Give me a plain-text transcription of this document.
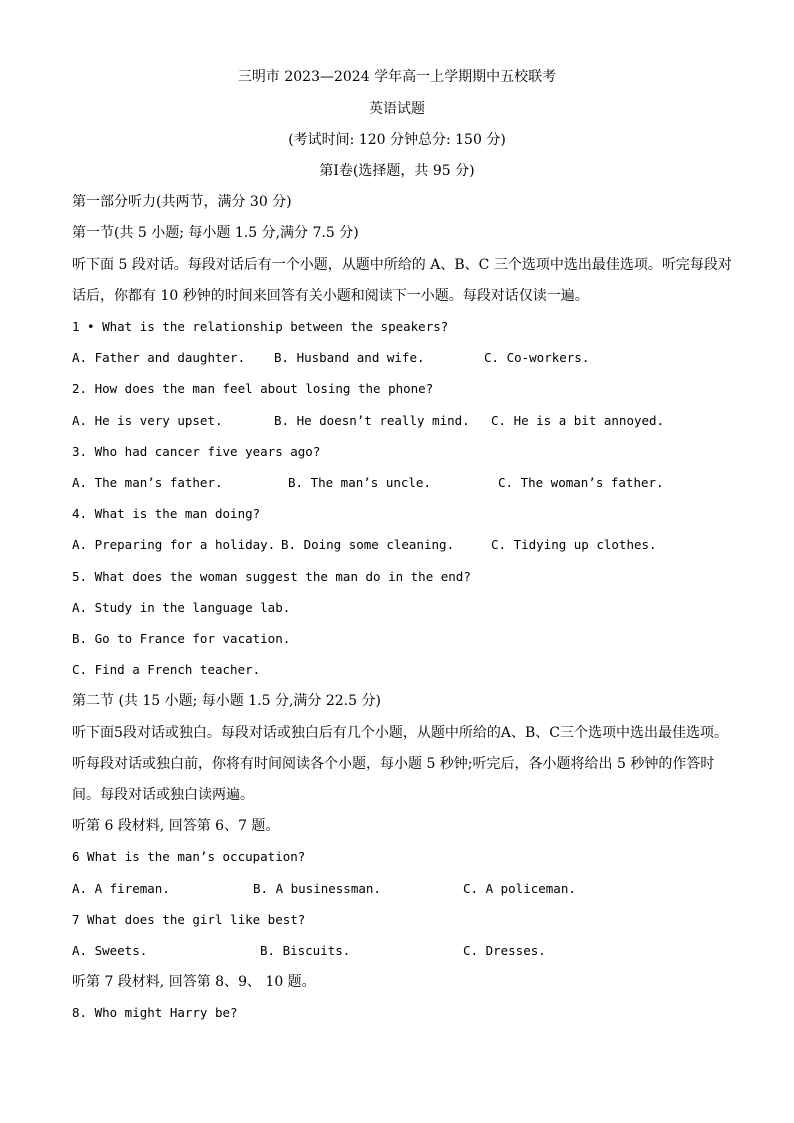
三明市 2023—2024 学年高一上学期期中五校联考
英语试题
(考试时间: 120 分钟总分: 150 分)
第Ⅰ卷(选择题，共 95 分)
第一部分听力(共两节，满分 30 分)
第一节(共 5 小题; 每小题 1.5 分,满分 7.5 分)
听下面 5 段对话。每段对话后有一个小题，从题中所给的 A、B、C 三个选项中选出最佳选项。听完每段对
话后，你都有 10 秒钟的时间来回答有关小题和阅读下一小题。每段对话仅读一遍。
1 • What is the relationship between the speakers?
A. Father and daughter. B. Husband and wife.	C. Co-workers.
2. How does the man feel about losing the phone?
A. He is very upset.	B. He doesn’t really mind. C. He is a bit annoyed.
3. Who had cancer five years ago?
A. The man’s father.	B. The man’s uncle.	C. The woman’s father.
4. What is the man doing?
A. Preparing for a holiday. B. Doing some cleaning.	C. Tidying up clothes.
5. What does the woman suggest the man do in the end?
A. Study in the language lab.
B. Go to France for vacation.
C. Find a French teacher.
第二节 (共 15 小题; 每小题 1.5 分,满分 22.5 分)
听下面5段对话或独白。每段对话或独白后有几个小题，从题中所给的A、B、C三个选项中选出最佳选项。
听每段对话或独白前，你将有时间阅读各个小题，每小题 5 秒钟;听完后，各小题将给出 5 秒钟的作答时
间。每段对话或独白读两遍。
听第 6 段材料, 回答第 6、7 题。
6 What is the man’s occupation?
A. A fireman.	B. A businessman.	C. A policeman.
7 What does the girl like best?
A. Sweets.	B. Biscuits.	C. Dresses.
听第 7 段材料, 回答第 8、9、 10 题。
8. Who might Harry be?
